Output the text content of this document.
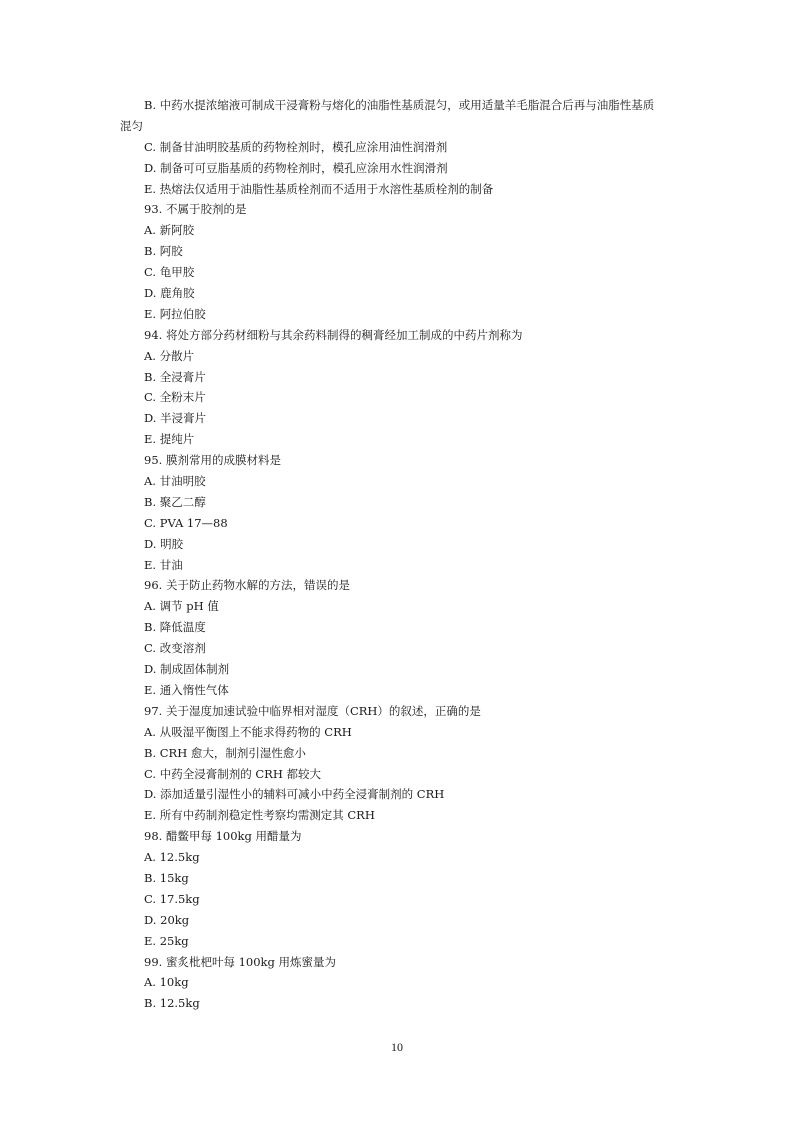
B. 中药水提浓缩液可制成干浸膏粉与熔化的油脂性基质混匀，或用适量羊毛脂混合后再与油脂性基质
混匀
C. 制备甘油明胶基质的药物栓剂时，模孔应涂用油性润滑剂
D. 制备可可豆脂基质的药物栓剂时，模孔应涂用水性润滑剂
E. 热熔法仅适用于油脂性基质栓剂而不适用于水溶性基质栓剂的制备
93. 不属于胶剂的是
A. 新阿胶
B. 阿胶
C. 龟甲胶
D. 鹿角胶
E. 阿拉伯胶
94. 将处方部分药材细粉与其余药料制得的稠膏经加工制成的中药片剂称为
A. 分散片
B. 全浸膏片
C. 全粉末片
D. 半浸膏片
E. 提纯片
95. 膜剂常用的成膜材料是
A. 甘油明胶
B. 聚乙二醇
C. PVA 17—88
D. 明胶
E. 甘油
96. 关于防止药物水解的方法，错误的是
A. 调节 pH 值
B. 降低温度
C. 改变溶剂
D. 制成固体制剂
E. 通入惰性气体
97. 关于湿度加速试验中临界相对湿度（CRH）的叙述，正确的是
A. 从吸湿平衡图上不能求得药物的 CRH
B. CRH 愈大，制剂引湿性愈小
C. 中药全浸膏制剂的 CRH 都较大
D. 添加适量引湿性小的辅料可减小中药全浸膏制剂的 CRH
E. 所有中药制剂稳定性考察均需测定其 CRH
98. 醋鳖甲每 100kg 用醋量为
A. 12.5kg
B. 15kg
C. 17.5kg
D. 20kg
E. 25kg
99. 蜜炙枇杷叶每 100kg 用炼蜜量为
A. 10kg
B. 12.5kg
10
